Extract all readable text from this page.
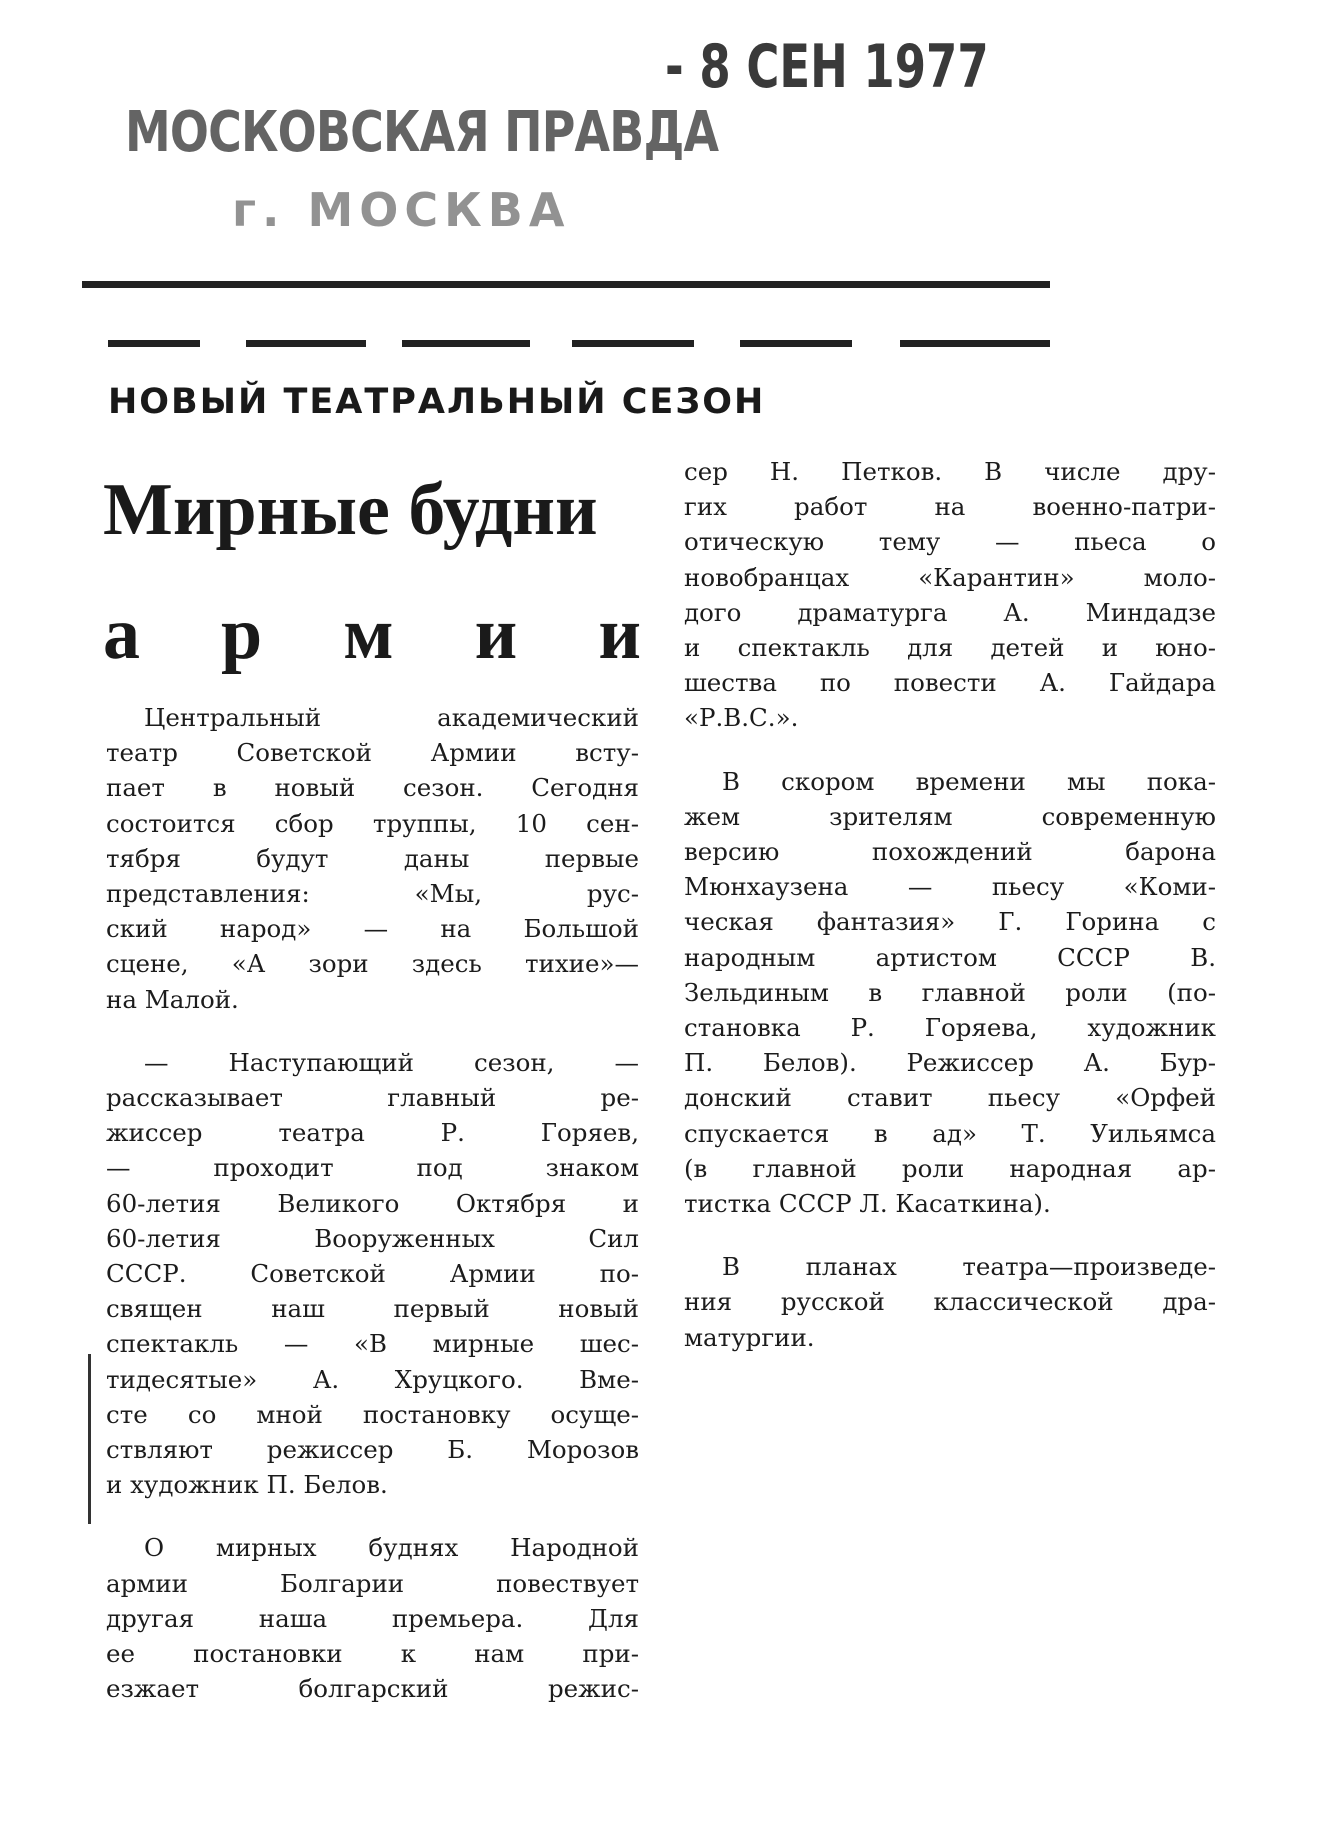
МОСКОВСКАЯ ПРАВДА
г. МОСКВА
- 8 СЕН 1977
НОВЫЙ ТЕАТРАЛЬНЫЙ СЕЗОН
Мирные будни
а р м и и
Центральный академический
театр Советской Армии всту-
пает в новый сезон. Сегодня
состоится сбор труппы, 10 сен-
тября будут даны первые
представления: «Мы, рус-
ский народ» — на Большой
сцене, «А зори здесь тихие»—
на Малой.
— Наступающий сезон, —
рассказывает главный ре-
жиссер театра Р. Горяев,
— проходит под знаком
60-летия Великого Октября и
60-летия Вооруженных Сил
СССР. Советской Армии по-
священ наш первый новый
спектакль — «В мирные шес-
тидесятые» А. Хруцкого. Вме-
сте со мной постановку осуще-
ствляют режиссер Б. Морозов
и художник П. Белов.
О мирных буднях Народной
армии Болгарии повествует
другая наша премьера. Для
ее постановки к нам при-
езжает болгарский режис-
сер Н. Петков. В числе дру-
гих работ на военно-патри-
отическую тему — пьеса о
новобранцах «Карантин» моло-
дого драматурга А. Миндадзе
и спектакль для детей и юно-
шества по повести А. Гайдара
«Р.В.С.».
В скором времени мы пока-
жем зрителям современную
версию похождений барона
Мюнхаузена — пьесу «Коми-
ческая фантазия» Г. Горина с
народным артистом СССР В.
Зельдиным в главной роли (по-
становка Р. Горяева, художник
П. Белов). Режиссер А. Бур-
донский ставит пьесу «Орфей
спускается в ад» Т. Уильямса
(в главной роли народная ар-
тистка СССР Л. Касаткина).
В планах театра—произведе-
ния русской классической дра-
матургии.
